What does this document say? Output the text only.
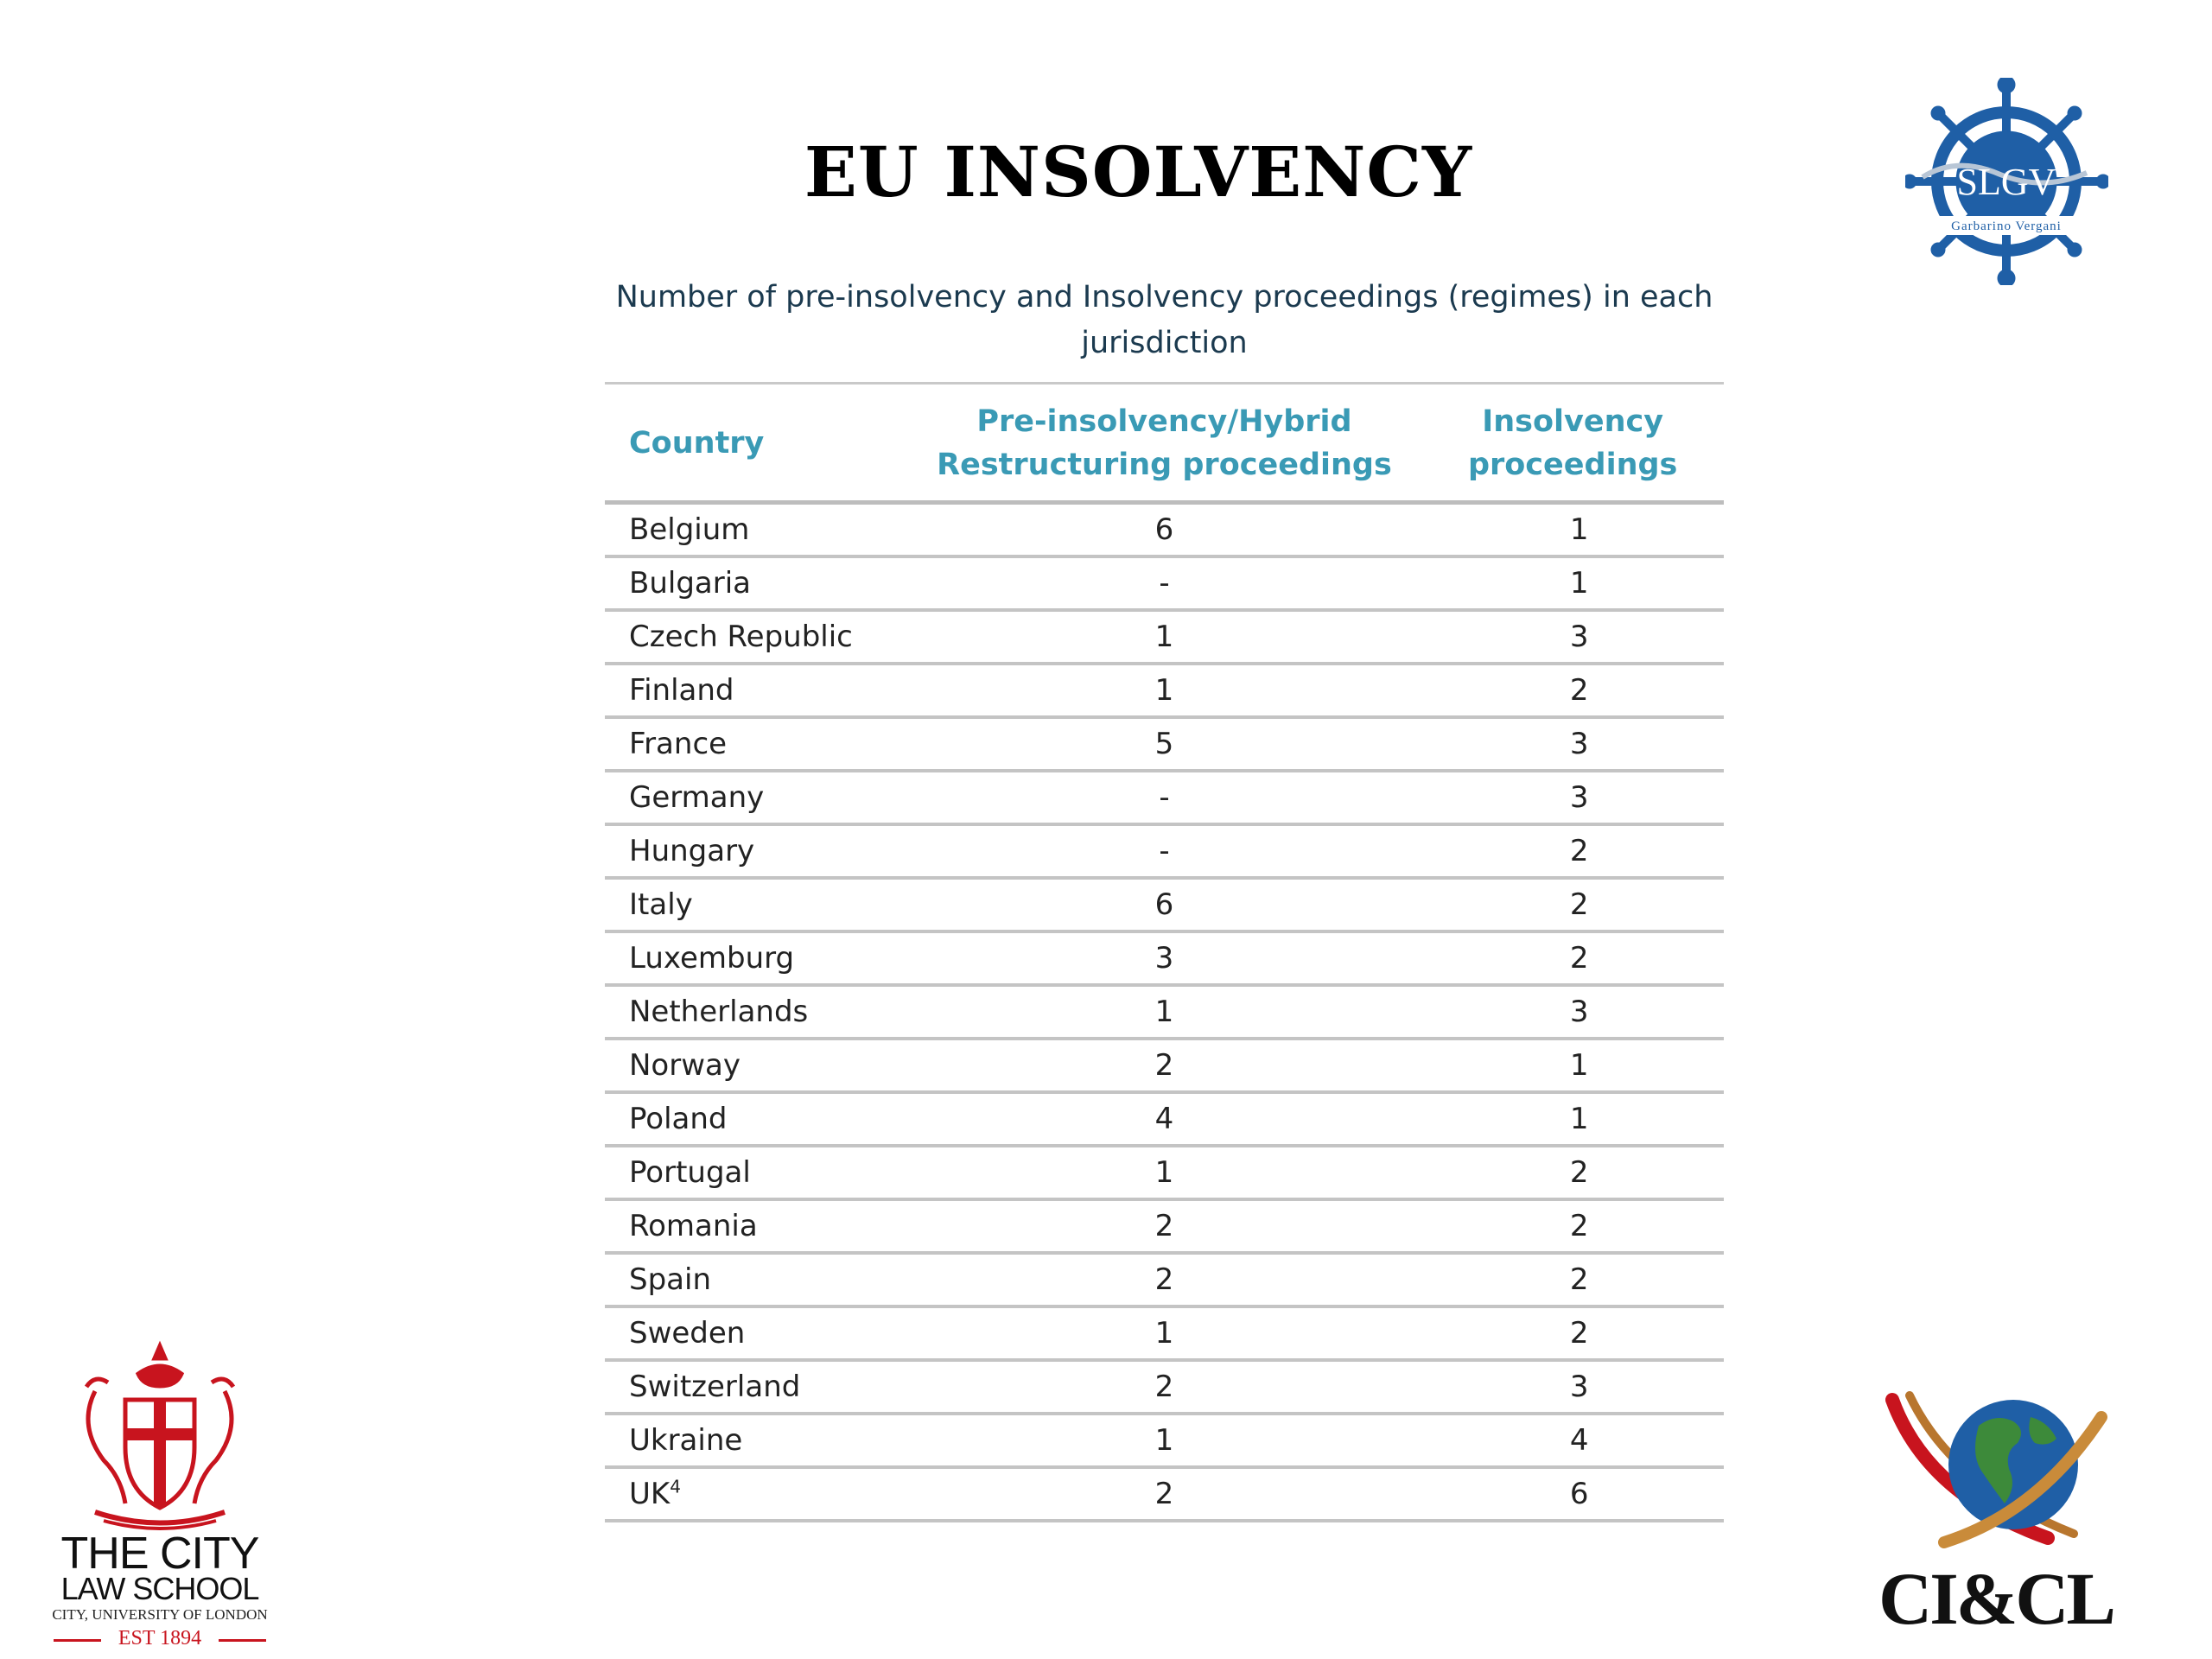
EU INSOLVENCY	SLGV
Garbarino Vergani
Number of pre-insolvency and Insolvency proceedings (regimes) in each jurisdiction
Country	Pre-insolvency/Hybrid Restructuring proceedings	Insolvency proceedings
Belgium	6	1
Bulgaria	-	1
Czech Republic	1	3
Finland	1	2
France	5	3
Germany	-	3
Hungary	-	2
Italy	6	2
Luxemburg	3	2
Netherlands	1	3
Norway	2	1
Poland	4	1
Portugal	1	2
Romania	2	2
Spain	2	2
Sweden	1	2
Switzerland	2	3
Ukraine	1	4
$UK^4$	2	6
THE CITY
LAW SCHOOL
CITY, UNIVERSITY OF LONDON
EST 1894	CI&CL
